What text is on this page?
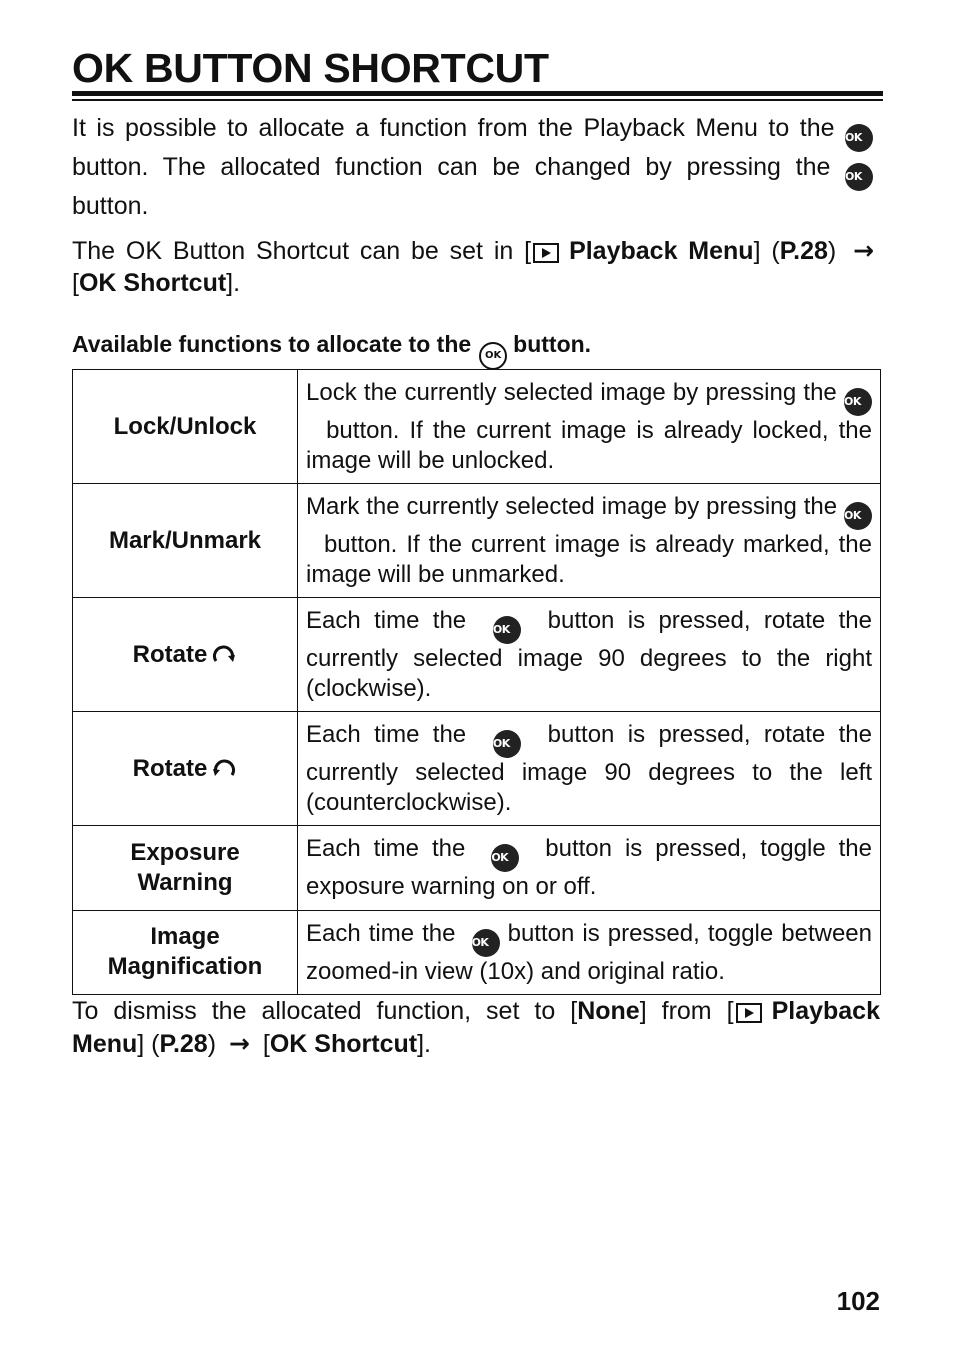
OK BUTTON SHORTCUT

It is possible to allocate a function from the Playback Menu to the OK  button. The allocated function can be changed by pressing the OK  button.

The OK Button Shortcut can be set in [ Playback Menu] (P.28) → [OK Shortcut].

Available functions to allocate to the OK button.

Lock/Unlock	Lock the currently selected image by pressing the OK  button. If the current image is already locked, the image will be unlocked.
Mark/Unmark	Mark the currently selected image by pressing the OK  button. If the current image is already marked, the image will be unmarked.
Rotate	Each time the OK button is pressed, rotate the currently selected image 90 degrees to the right (clockwise).
Rotate	Each time the OK button is pressed, rotate the currently selected image 90 degrees to the left (counterclockwise).
Exposure
Warning	Each time the OK button is pressed, toggle the exposure warning on or off.
Image
Magnification	Each time the OK button is pressed, toggle between zoomed-in view (10x) and original ratio.

To dismiss the allocated function, set to [None] from [ Playback Menu] (P.28) → [OK Shortcut].

102
